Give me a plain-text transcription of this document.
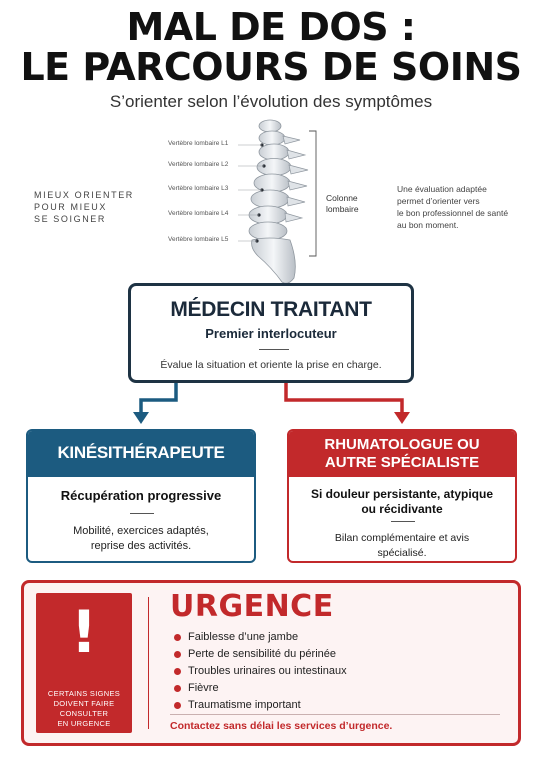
MAL DE DOS :
LE PARCOURS DE SOINS
S’orienter selon l’évolution des symptômes
MIEUX ORIENTER
POUR MIEUX
SE SOIGNER
Une évaluation adaptée
permet d’orienter vers
le bon professionnel de santé
au bon moment.
Vertèbre lombaire L1
Vertèbre lombaire L2
Vertèbre lombaire L3
Vertèbre lombaire L4
Vertèbre lombaire L5
Colonne
lombaire
MÉDECIN TRAITANT
Premier interlocuteur
Évalue la situation et oriente la prise en charge.
KINÉSITHÉRAPEUTE
Récupération progressive
Mobilité, exercices adaptés,
reprise des activités.
RHUMATOLOGUE OU
AUTRE SPÉCIALISTE
Si douleur persistante, atypique
ou récidivante
Bilan complémentaire et avis
spécialisé.
!
CERTAINS SIGNES
DOIVENT FAIRE
CONSULTER
EN URGENCE
URGENCE
Faiblesse d’une jambe
Perte de sensibilité du périnée
Troubles urinaires ou intestinaux
Fièvre
Traumatisme important
Contactez sans délai les services d’urgence.
